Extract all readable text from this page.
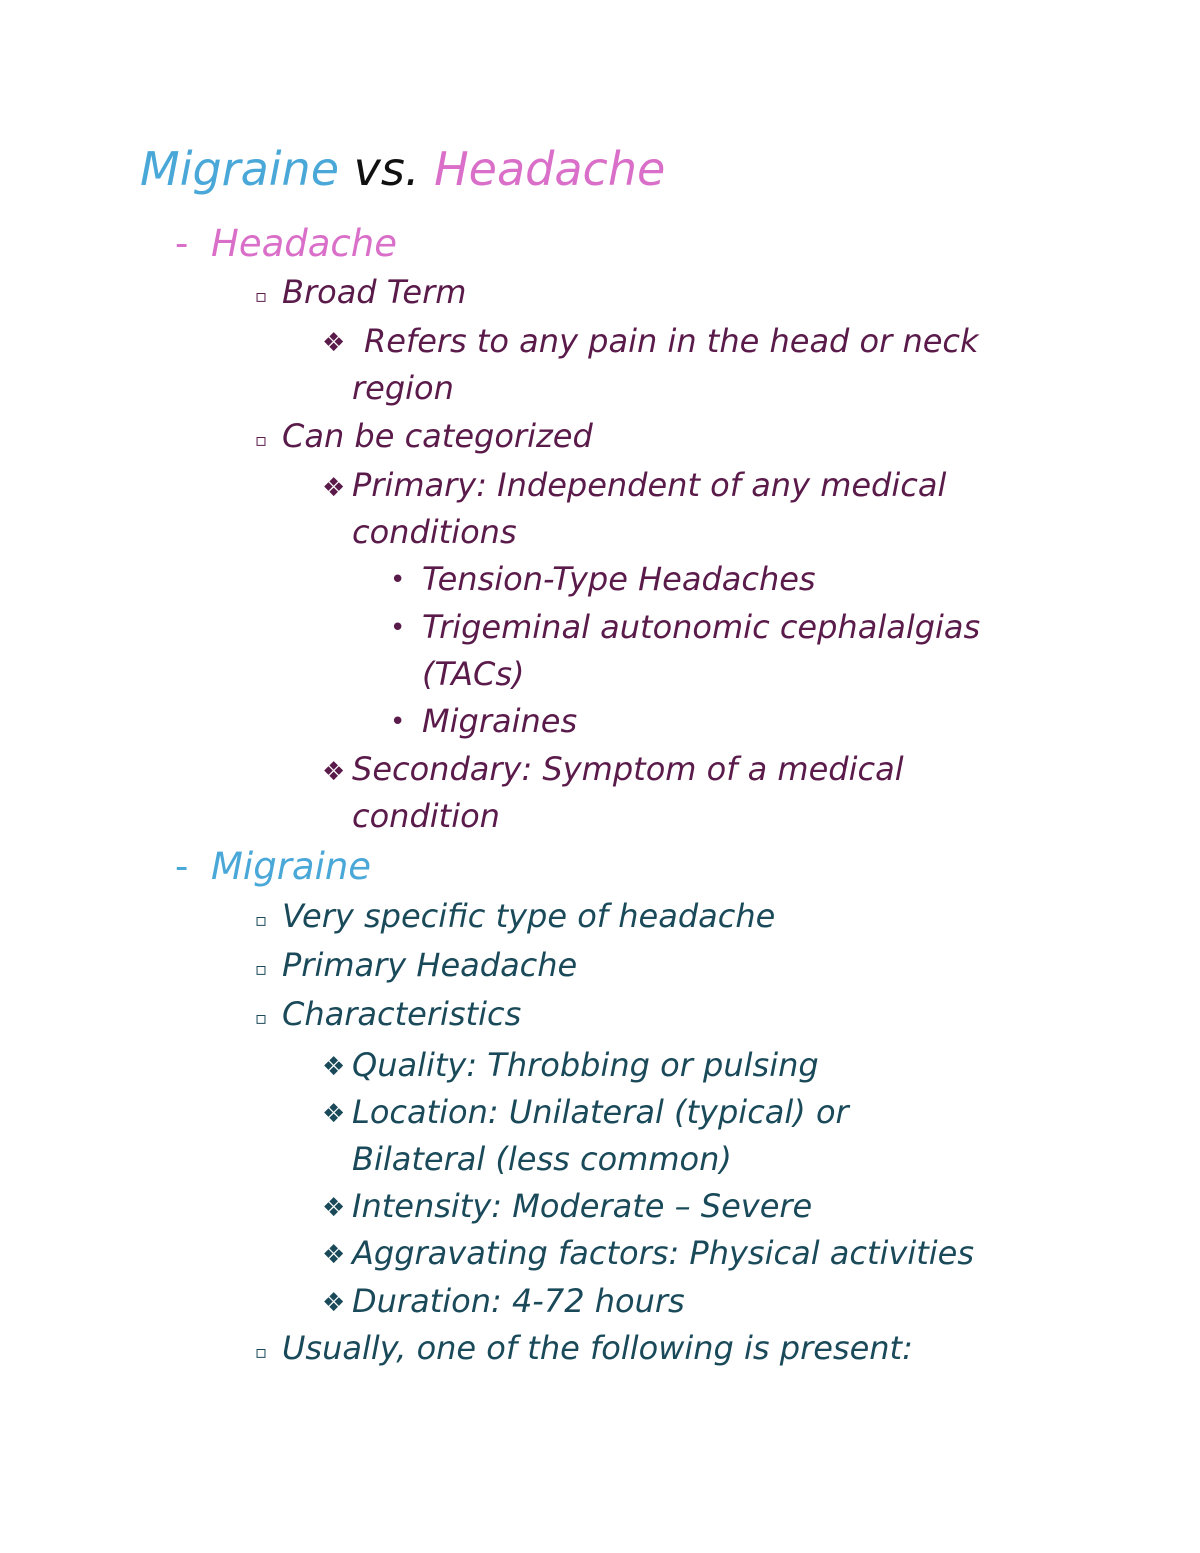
Migraine vs. Headache
- Headache
▫ Broad Term
❖ Refers to any pain in the head or neck
region
▫ Can be categorized
❖ Primary: Independent of any medical
conditions
• Tension-Type Headaches
• Trigeminal autonomic cephalalgias
(TACs)
• Migraines
❖ Secondary: Symptom of a medical
condition
- Migraine
▫ Very specific type of headache
▫ Primary Headache
▫ Characteristics
❖ Quality: Throbbing or pulsing
❖ Location: Unilateral (typical) or
Bilateral (less common)
❖ Intensity: Moderate – Severe
❖ Aggravating factors: Physical activities
❖ Duration: 4-72 hours
▫ Usually, one of the following is present:
